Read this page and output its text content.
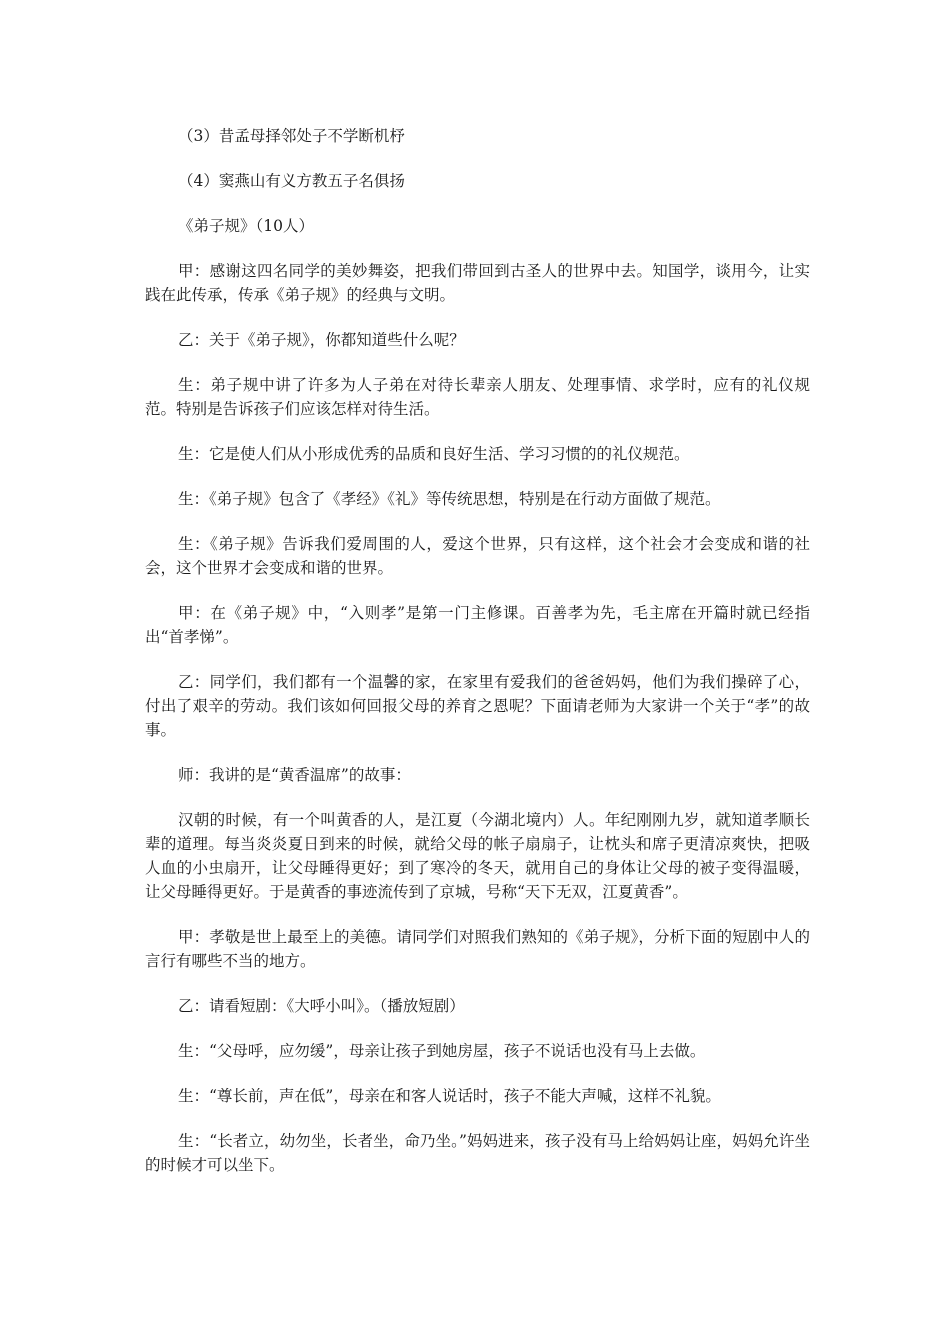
（3）昔孟母择邻处子不学断机杼

（4）窦燕山有义方教五子名俱扬

《弟子规》（10人）

甲：感谢这四名同学的美妙舞姿，把我们带回到古圣人的世界中去。知国学，谈用今，让实践在此传承，传承《弟子规》的经典与文明。

乙：关于《弟子规》，你都知道些什么呢？

生：弟子规中讲了许多为人子弟在对待长辈亲人朋友、处理事情、求学时，应有的礼仪规范。特别是告诉孩子们应该怎样对待生活。

生：它是使人们从小形成优秀的品质和良好生活、学习习惯的的礼仪规范。

生：《弟子规》包含了《孝经》《礼》等传统思想，特别是在行动方面做了规范。

生：《弟子规》告诉我们爱周围的人，爱这个世界，只有这样，这个社会才会变成和谐的社会，这个世界才会变成和谐的世界。

甲：在《弟子规》中，“入则孝”是第一门主修课。百善孝为先，毛主席在开篇时就已经指出“首孝悌”。

乙：同学们，我们都有一个温馨的家，在家里有爱我们的爸爸妈妈，他们为我们操碎了心，付出了艰辛的劳动。我们该如何回报父母的养育之恩呢？下面请老师为大家讲一个关于“孝”的故事。

师：我讲的是“黄香温席”的故事：

汉朝的时候，有一个叫黄香的人，是江夏（今湖北境内）人。年纪刚刚九岁，就知道孝顺长辈的道理。每当炎炎夏日到来的时候，就给父母的帐子扇扇子，让枕头和席子更清凉爽快，把吸人血的小虫扇开，让父母睡得更好；到了寒冷的冬天，就用自己的身体让父母的被子变得温暖，让父母睡得更好。于是黄香的事迹流传到了京城，号称“天下无双，江夏黄香”。

甲：孝敬是世上最至上的美德。请同学们对照我们熟知的《弟子规》，分析下面的短剧中人的言行有哪些不当的地方。

乙：请看短剧：《大呼小叫》。（播放短剧）

生：“父母呼，应勿缓”，母亲让孩子到她房屋，孩子不说话也没有马上去做。

生：“尊长前，声在低”，母亲在和客人说话时，孩子不能大声喊，这样不礼貌。

生：“长者立，幼勿坐，长者坐，命乃坐。”妈妈进来，孩子没有马上给妈妈让座，妈妈允许坐的时候才可以坐下。
